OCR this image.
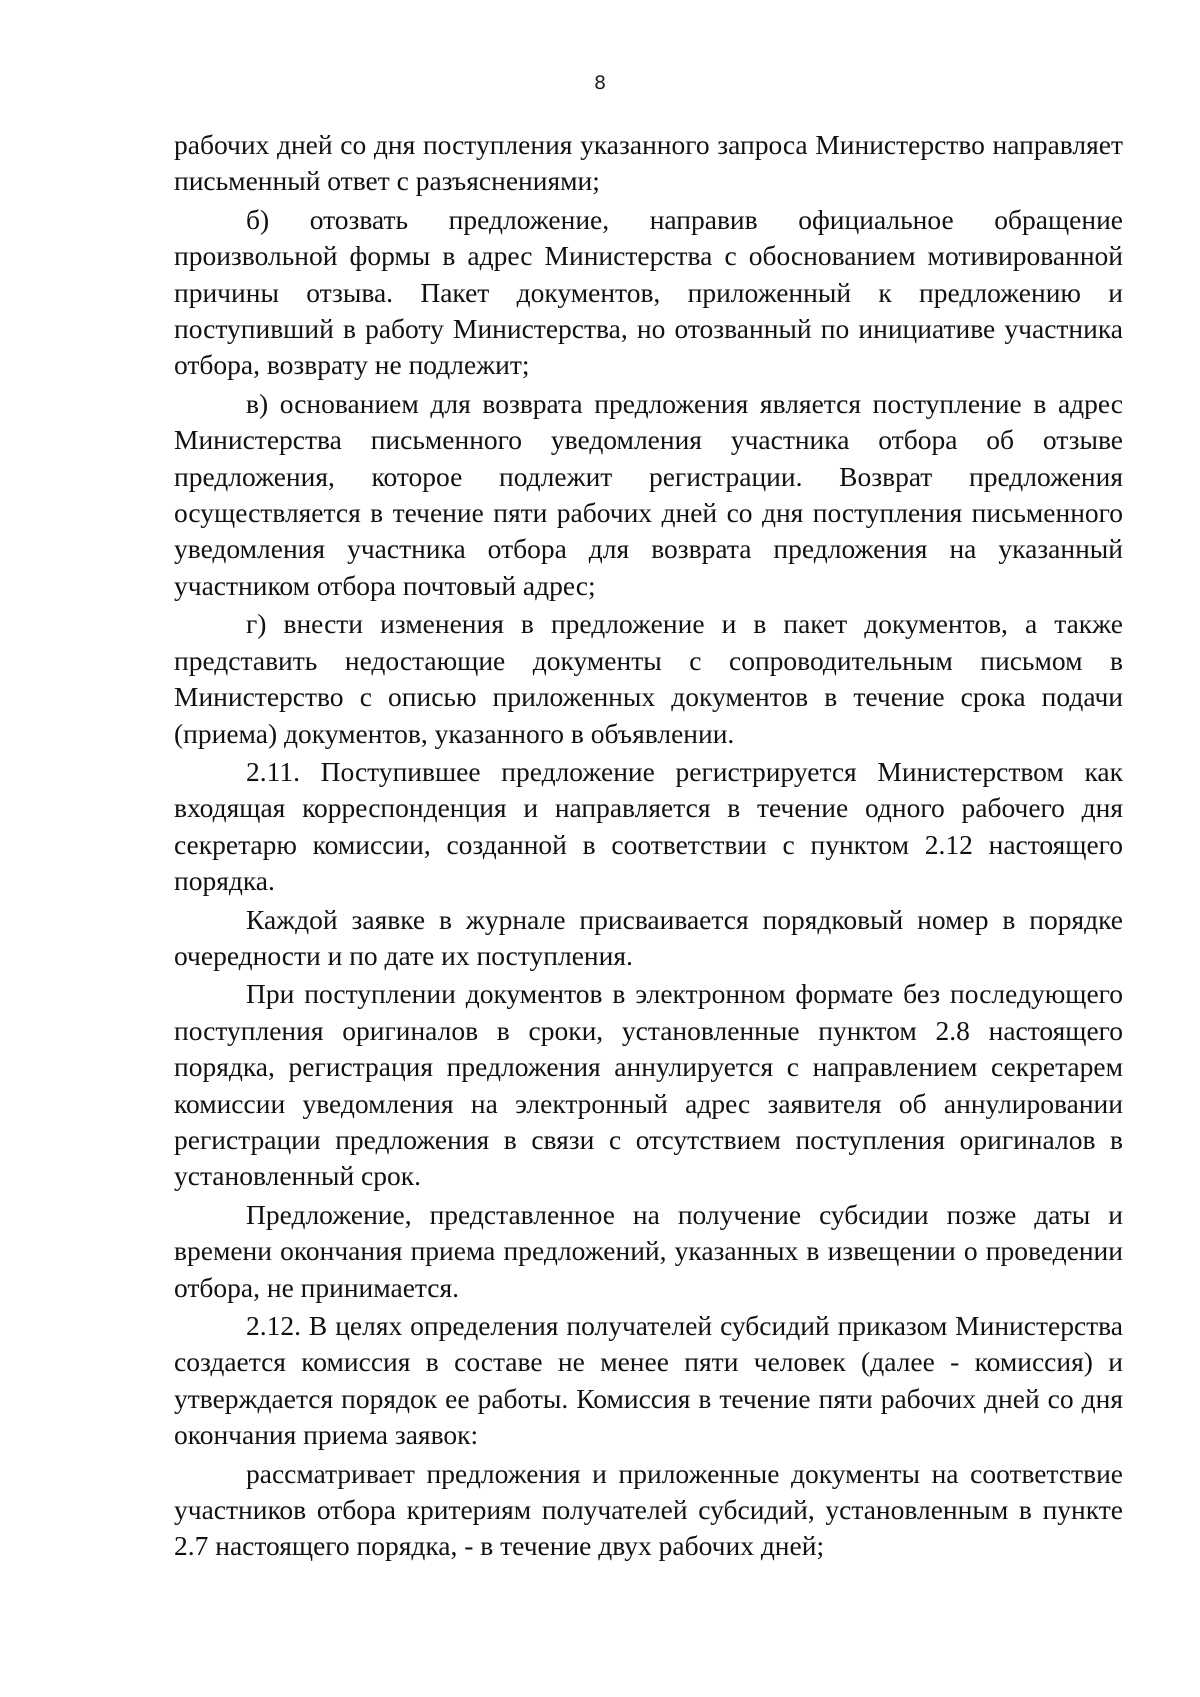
8

рабочих дней со дня поступления указанного запроса Министерство направляет письменный ответ с разъяснениями;

б) отозвать предложение, направив официальное обращение произвольной формы в адрес Министерства с обоснованием мотивированной причины отзыва. Пакет документов, приложенный к предложению и поступивший в работу Министерства, но отозванный по инициативе участника отбора, возврату не подлежит;

в) основанием для возврата предложения является поступление в адрес Министерства письменного уведомления участника отбора об отзыве предложения, которое подлежит регистрации. Возврат предложения осуществляется в течение пяти рабочих дней со дня поступления письменного уведомления участника отбора для возврата предложения на указанный участником отбора почтовый адрес;

г) внести изменения в предложение и в пакет документов, а также представить недостающие документы с сопроводительным письмом в Министерство с описью приложенных документов в течение срока подачи (приема) документов, указанного в объявлении.

2.11. Поступившее предложение регистрируется Министерством как входящая корреспонденция и направляется в течение одного рабочего дня секретарю комиссии, созданной в соответствии с пунктом 2.12 настоящего порядка.

Каждой заявке в журнале присваивается порядковый номер в порядке очередности и по дате их поступления.

При поступлении документов в электронном формате без последующего поступления оригиналов в сроки, установленные пунктом 2.8 настоящего порядка, регистрация предложения аннулируется с направлением секретарем комиссии уведомления на электронный адрес заявителя об аннулировании регистрации предложения в связи с отсутствием поступления оригиналов в установленный срок.

Предложение, представленное на получение субсидии позже даты и времени окончания приема предложений, указанных в извещении о проведении отбора, не принимается.

2.12. В целях определения получателей субсидий приказом Министерства создается комиссия в составе не менее пяти человек (далее - комиссия) и утверждается порядок ее работы. Комиссия в течение пяти рабочих дней со дня окончания приема заявок:

рассматривает предложения и приложенные документы на соответствие участников отбора критериям получателей субсидий, установленным в пункте 2.7 настоящего порядка, - в течение двух рабочих дней;
